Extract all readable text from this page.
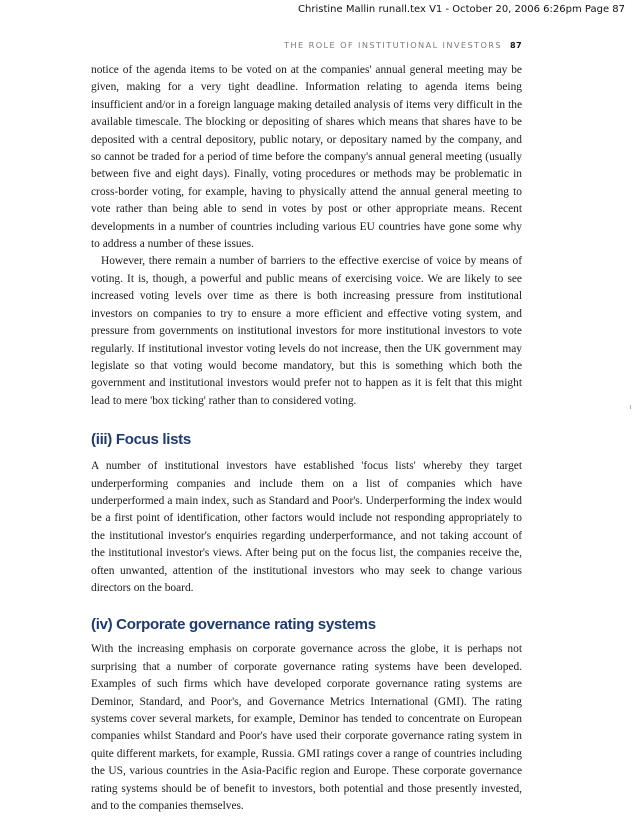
Christine Mallin runall.tex V1 - October 20, 2006 6:26pm Page 87
THE ROLE OF INSTITUTIONAL INVESTORS 87

notice of the agenda items to be voted on at the companies' annual general meeting may be given, making for a very tight deadline. Information relating to agenda items being insufficient and/or in a foreign language making detailed analysis of items very difficult in the available timescale. The blocking or depositing of shares which means that shares have to be deposited with a central depository, public notary, or depositary named by the company, and so cannot be traded for a period of time before the company's annual general meeting (usually between five and eight days). Finally, voting procedures or methods may be problematic in cross-border voting, for example, having to physically attend the annual general meeting to vote rather than being able to send in votes by post or other appropriate means. Recent developments in a number of countries including various EU countries have gone some why to address a number of these issues.

However, there remain a number of barriers to the effective exercise of voice by means of voting. It is, though, a powerful and public means of exercising voice. We are likely to see increased voting levels over time as there is both increasing pressure from institutional investors on companies to try to ensure a more efficient and effective voting system, and pressure from governments on institutional investors for more institutional investors to vote regularly. If institutional investor voting levels do not increase, then the UK government may legislate so that voting would become mandatory, but this is something which both the government and institutional investors would prefer not to happen as it is felt that this might lead to mere 'box ticking' rather than to considered voting.

(iii) Focus lists

A number of institutional investors have established 'focus lists' whereby they target underperforming companies and include them on a list of companies which have underperformed a main index, such as Standard and Poor's. Underperforming the index would be a first point of identification, other factors would include not responding appropriately to the institutional investor's enquiries regarding underperformance, and not taking account of the institutional investor's views. After being put on the focus list, the companies receive the, often unwanted, attention of the institutional investors who may seek to change various directors on the board.

(iv) Corporate governance rating systems

With the increasing emphasis on corporate governance across the globe, it is perhaps not surprising that a number of corporate governance rating systems have been developed. Examples of such firms which have developed corporate governance rating systems are Deminor, Standard, and Poor's, and Governance Metrics International (GMI). The rating systems cover several markets, for example, Deminor has tended to concentrate on European companies whilst Standard and Poor's have used their corporate governance rating system in quite different markets, for example, Russia. GMI ratings cover a range of countries including the US, various countries in the Asia-Pacific region and Europe. These corporate governance rating systems should be of benefit to investors, both potential and those presently invested, and to the companies themselves.
